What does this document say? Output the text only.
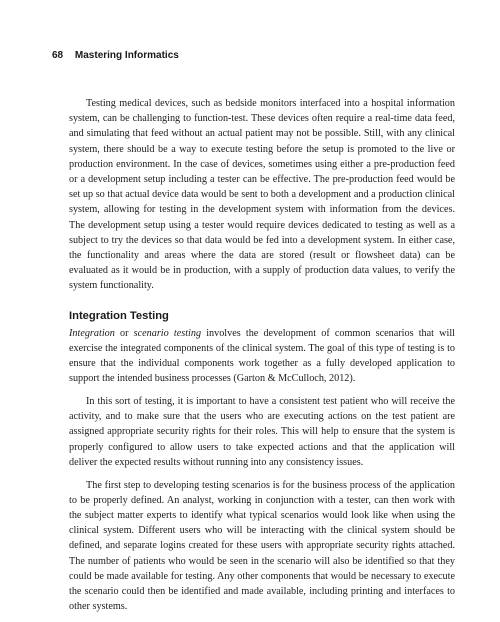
68 Mastering Informatics

Testing medical devices, such as bedside monitors interfaced into a hospital information system, can be challenging to function-test. These devices often require a real-time data feed, and simulating that feed without an actual patient may not be possible. Still, with any clinical system, there should be a way to execute testing before the setup is promoted to the live or production environment. In the case of devices, sometimes using either a pre-production feed or a development setup including a tester can be effective. The pre-production feed would be set up so that actual device data would be sent to both a development and a production clinical system, allowing for testing in the development system with information from the devices. The development setup using a tester would require devices dedicated to testing as well as a subject to try the devices so that data would be fed into a development system. In either case, the functionality and areas where the data are stored (result or flowsheet data) can be evaluated as it would be in production, with a supply of production data values, to verify the system functionality.

Integration Testing

Integration or scenario testing involves the development of common scenarios that will exercise the integrated components of the clinical system. The goal of this type of testing is to ensure that the individual components work together as a fully developed application to support the intended business processes (Garton & McCulloch, 2012).

In this sort of testing, it is important to have a consistent test patient who will receive the activity, and to make sure that the users who are executing actions on the test patient are assigned appropriate security rights for their roles. This will help to ensure that the system is properly configured to allow users to take expected actions and that the application will deliver the expected results without running into any consistency issues.

The first step to developing testing scenarios is for the business process of the application to be properly defined. An analyst, working in conjunction with a tester, can then work with the subject matter experts to identify what typical scenarios would look like when using the clinical system. Different users who will be interacting with the clinical system should be defined, and separate logins created for these users with appropriate security rights attached. The number of patients who would be seen in the scenario will also be identified so that they could be made available for testing. Any other components that would be necessary to execute the scenario could then be identified and made available, including printing and interfaces to other systems.
